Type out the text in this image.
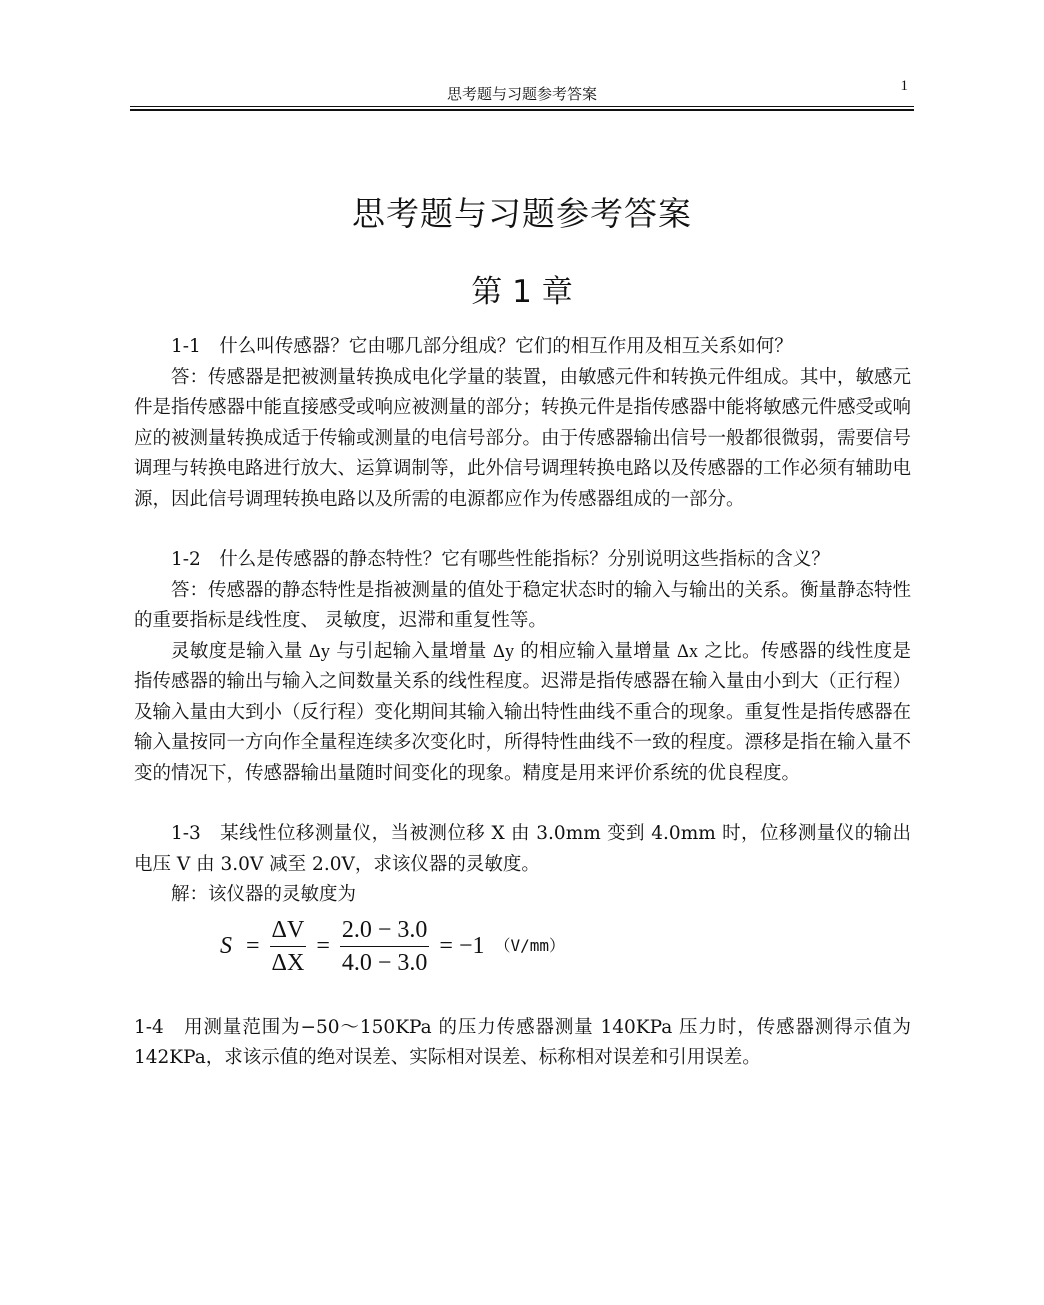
思考题与习题参考答案	1
思考题与习题参考答案
第 1 章

1-1　什么叫传感器？它由哪几部分组成？它们的相互作用及相互关系如何？

答：传感器是把被测量转换成电化学量的装置，由敏感元件和转换元件组成。其中，敏感元件是指传感器中能直接感受或响应被测量的部分；转换元件是指传感器中能将敏感元件感受或响应的被测量转换成适于传输或测量的电信号部分。由于传感器输出信号一般都很微弱，需要信号调理与转换电路进行放大、运算调制等，此外信号调理转换电路以及传感器的工作必须有辅助电源，因此信号调理转换电路以及所需的电源都应作为传感器组成的一部分。

1-2　什么是传感器的静态特性？它有哪些性能指标？分别说明这些指标的含义？

答：传感器的静态特性是指被测量的值处于稳定状态时的输入与输出的关系。衡量静态特性的重要指标是线性度、 灵敏度，迟滞和重复性等。

灵敏度是输入量 Δy 与引起输入量增量 Δy 的相应输入量增量 Δx 之比。传感器的线性度是指传感器的输出与输入之间数量关系的线性程度。迟滞是指传感器在输入量由小到大（正行程）及输入量由大到小（反行程）变化期间其输入输出特性曲线不重合的现象。重复性是指传感器在输入量按同一方向作全量程连续多次变化时，所得特性曲线不一致的程度。漂移是指在输入量不变的情况下，传感器输出量随时间变化的现象。精度是用来评价系统的优良程度。

1-3　某线性位移测量仪，当被测位移 X 由 3.0mm 变到 4.0mm 时，位移测量仪的输出电压 V 由 3.0V 减至 2.0V，求该仪器的灵敏度。

解：该仪器的灵敏度为

$S = \frac{\Delta V}{\Delta X} = \frac{2.0 - 3.0}{4.0 - 3.0} = -1$ （V/mm）

1-4　用测量范围为−50～150KPa 的压力传感器测量 140KPa 压力时，传感器测得示值为 142KPa，求该示值的绝对误差、实际相对误差、标称相对误差和引用误差。
